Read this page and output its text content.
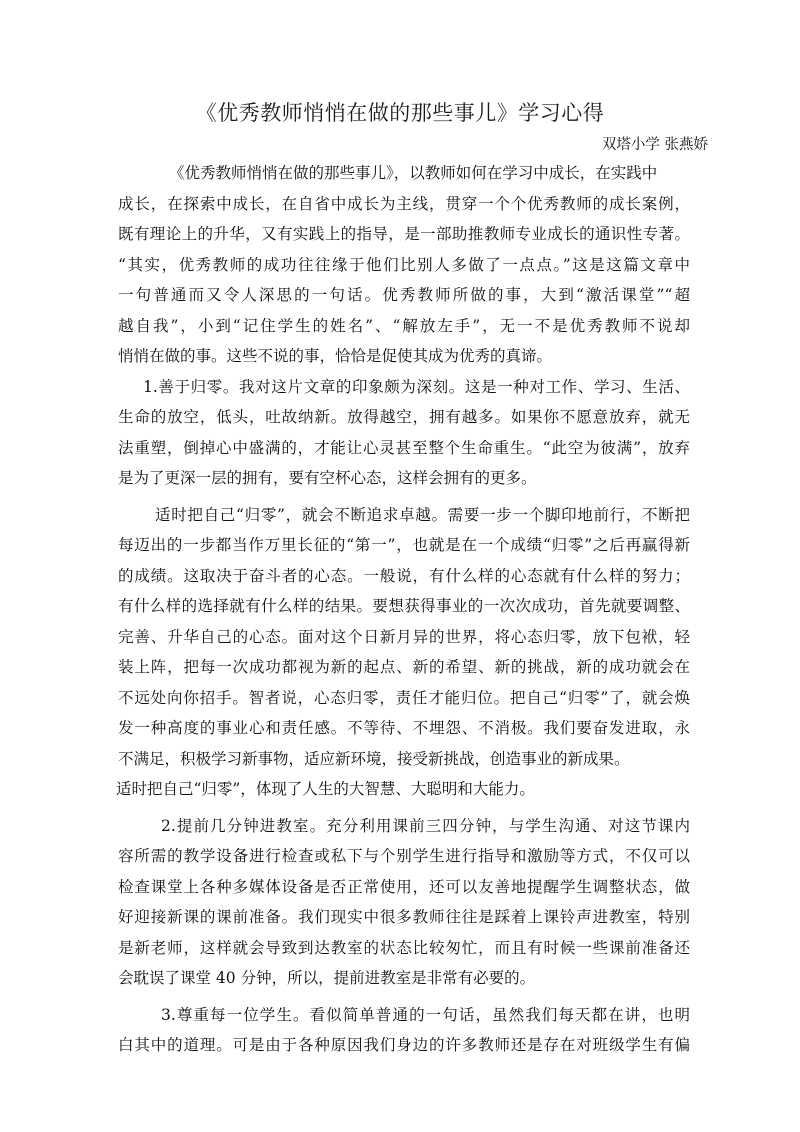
《优秀教师悄悄在做的那些事儿》学习心得
双塔小学 张燕娇
《优秀教师悄悄在做的那些事儿》，以教师如何在学习中成长，在实践中
成长，在探索中成长，在自省中成长为主线，贯穿一个个优秀教师的成长案例，
既有理论上的升华，又有实践上的指导，是一部助推教师专业成长的通识性专著。
“其实，优秀教师的成功往往缘于他们比别人多做了一点点。”这是这篇文章中
一句普通而又令人深思的一句话。优秀教师所做的事，大到“激活课堂”“超
越自我”，小到“记住学生的姓名”、“解放左手”，无一不是优秀教师不说却
悄悄在做的事。这些不说的事，恰恰是促使其成为优秀的真谛。
1.善于归零。我对这片文章的印象颇为深刻。这是一种对工作、学习、生活、
生命的放空，低头，吐故纳新。放得越空，拥有越多。如果你不愿意放弃，就无
法重塑，倒掉心中盛满的，才能让心灵甚至整个生命重生。“此空为彼满”，放弃
是为了更深一层的拥有，要有空杯心态，这样会拥有的更多。
适时把自己“归零”，就会不断追求卓越。需要一步一个脚印地前行，不断把
每迈出的一步都当作万里长征的“第一”，也就是在一个成绩“归零”之后再赢得新
的成绩。这取决于奋斗者的心态。一般说，有什么样的心态就有什么样的努力；
有什么样的选择就有什么样的结果。要想获得事业的一次次成功，首先就要调整、
完善、升华自己的心态。面对这个日新月异的世界，将心态归零，放下包袱，轻
装上阵，把每一次成功都视为新的起点、新的希望、新的挑战，新的成功就会在
不远处向你招手。智者说，心态归零，责任才能归位。把自己“归零”了，就会焕
发一种高度的事业心和责任感。不等待、不埋怨、不消极。我们要奋发进取，永
不满足，积极学习新事物，适应新环境，接受新挑战，创造事业的新成果。
适时把自己“归零”，体现了人生的大智慧、大聪明和大能力。
2.提前几分钟进教室。充分利用课前三四分钟，与学生沟通、对这节课内
容所需的教学设备进行检查或私下与个别学生进行指导和激励等方式，不仅可以
检查课堂上各种多媒体设备是否正常使用，还可以友善地提醒学生调整状态，做
好迎接新课的课前准备。我们现实中很多教师往往是踩着上课铃声进教室，特别
是新老师，这样就会导致到达教室的状态比较匆忙，而且有时候一些课前准备还
会耽误了课堂 40 分钟，所以，提前进教室是非常有必要的。
3.尊重每一位学生。看似简单普通的一句话，虽然我们每天都在讲，也明
白其中的道理。可是由于各种原因我们身边的许多教师还是存在对班级学生有偏
